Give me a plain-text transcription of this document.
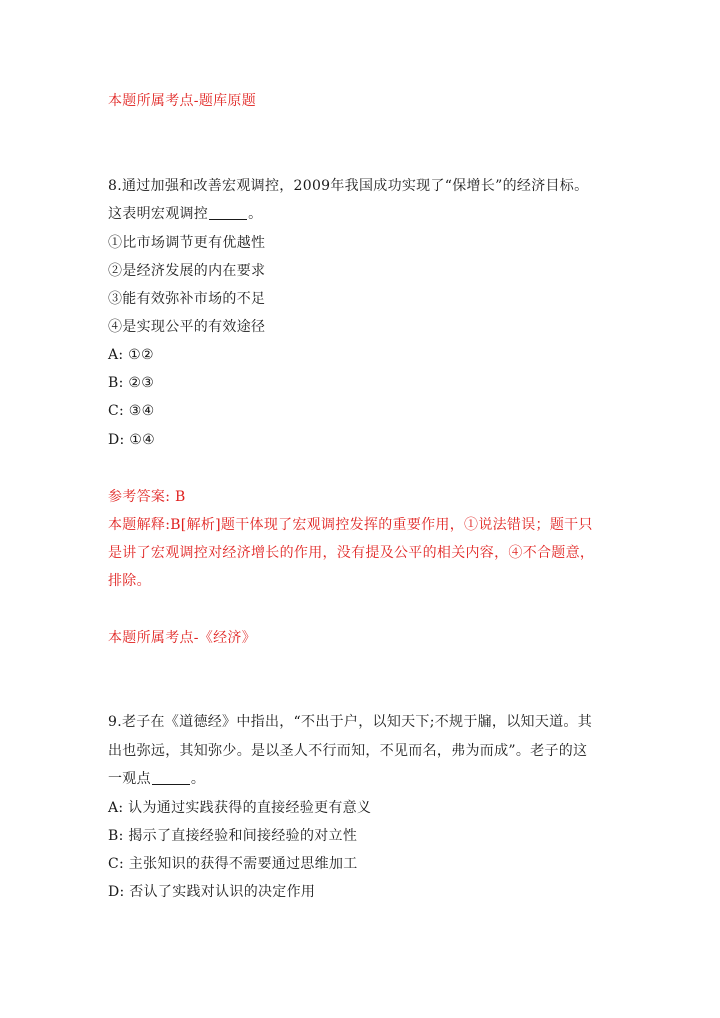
本题所属考点-题库原题
8.通过加强和改善宏观调控，2009年我国成功实现了“保增长”的经济目标。
这表明宏观调控	。
①比市场调节更有优越性
②是经济发展的内在要求
③能有效弥补市场的不足
④是实现公平的有效途径
A: ①②
B: ②③
C: ③④
D: ①④
参考答案: B
本题解释:B[解析]题干体现了宏观调控发挥的重要作用，①说法错误；题干只
是讲了宏观调控对经济增长的作用，没有提及公平的相关内容，④不合题意，
排除。
本题所属考点-《经济》
9.老子在《道德经》中指出，“不出于户，以知天下;不规于牖，以知天道。其
出也弥远，其知弥少。是以圣人不行而知，不见而名，弗为而成”。老子的这
一观点	。
A: 认为通过实践获得的直接经验更有意义
B: 揭示了直接经验和间接经验的对立性
C: 主张知识的获得不需要通过思维加工
D: 否认了实践对认识的决定作用
